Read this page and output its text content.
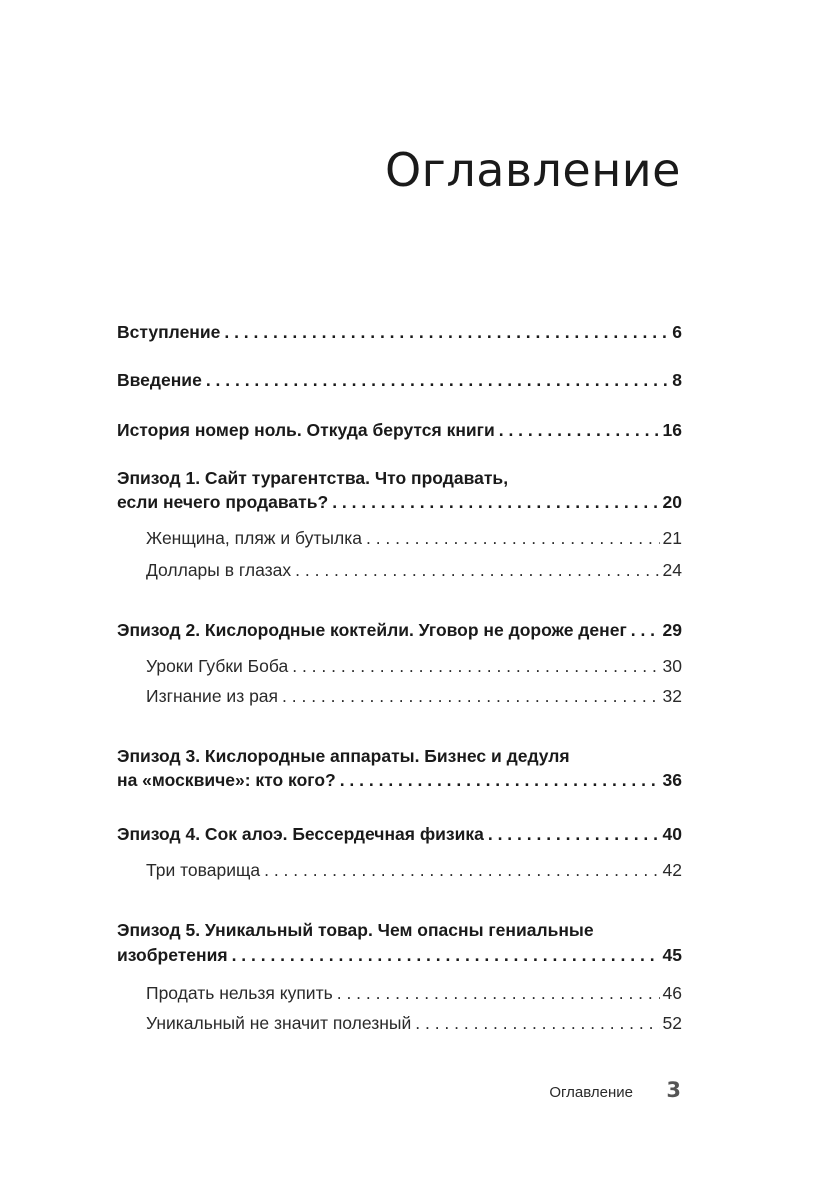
Оглавление
Вступление . . .	6
Введение . . .	8
История номер ноль. Откуда берутся книги . . .	16
Эпизод 1. Сайт турагентства. Что продавать,
если нечего продавать? . . .	20
Женщина, пляж и бутылка . . .	21
Доллары в глазах . . .	24
Эпизод 2. Кислородные коктейли. Уговор не дороже денег . . . 29
Уроки Губки Боба . . .	30
Изгнание из рая . . .	32
Эпизод 3. Кислородные аппараты. Бизнес и дедуля
на «москвиче»: кто кого? . . .	36
Эпизод 4. Сок алоэ. Бессердечная физика . . .	40
Три товарища . . .	42
Эпизод 5. Уникальный товар. Чем опасны гениальные
изобретения . . .	45
Продать нельзя купить . . .	46
Уникальный не значит полезный . . .	52
Оглавление 3
